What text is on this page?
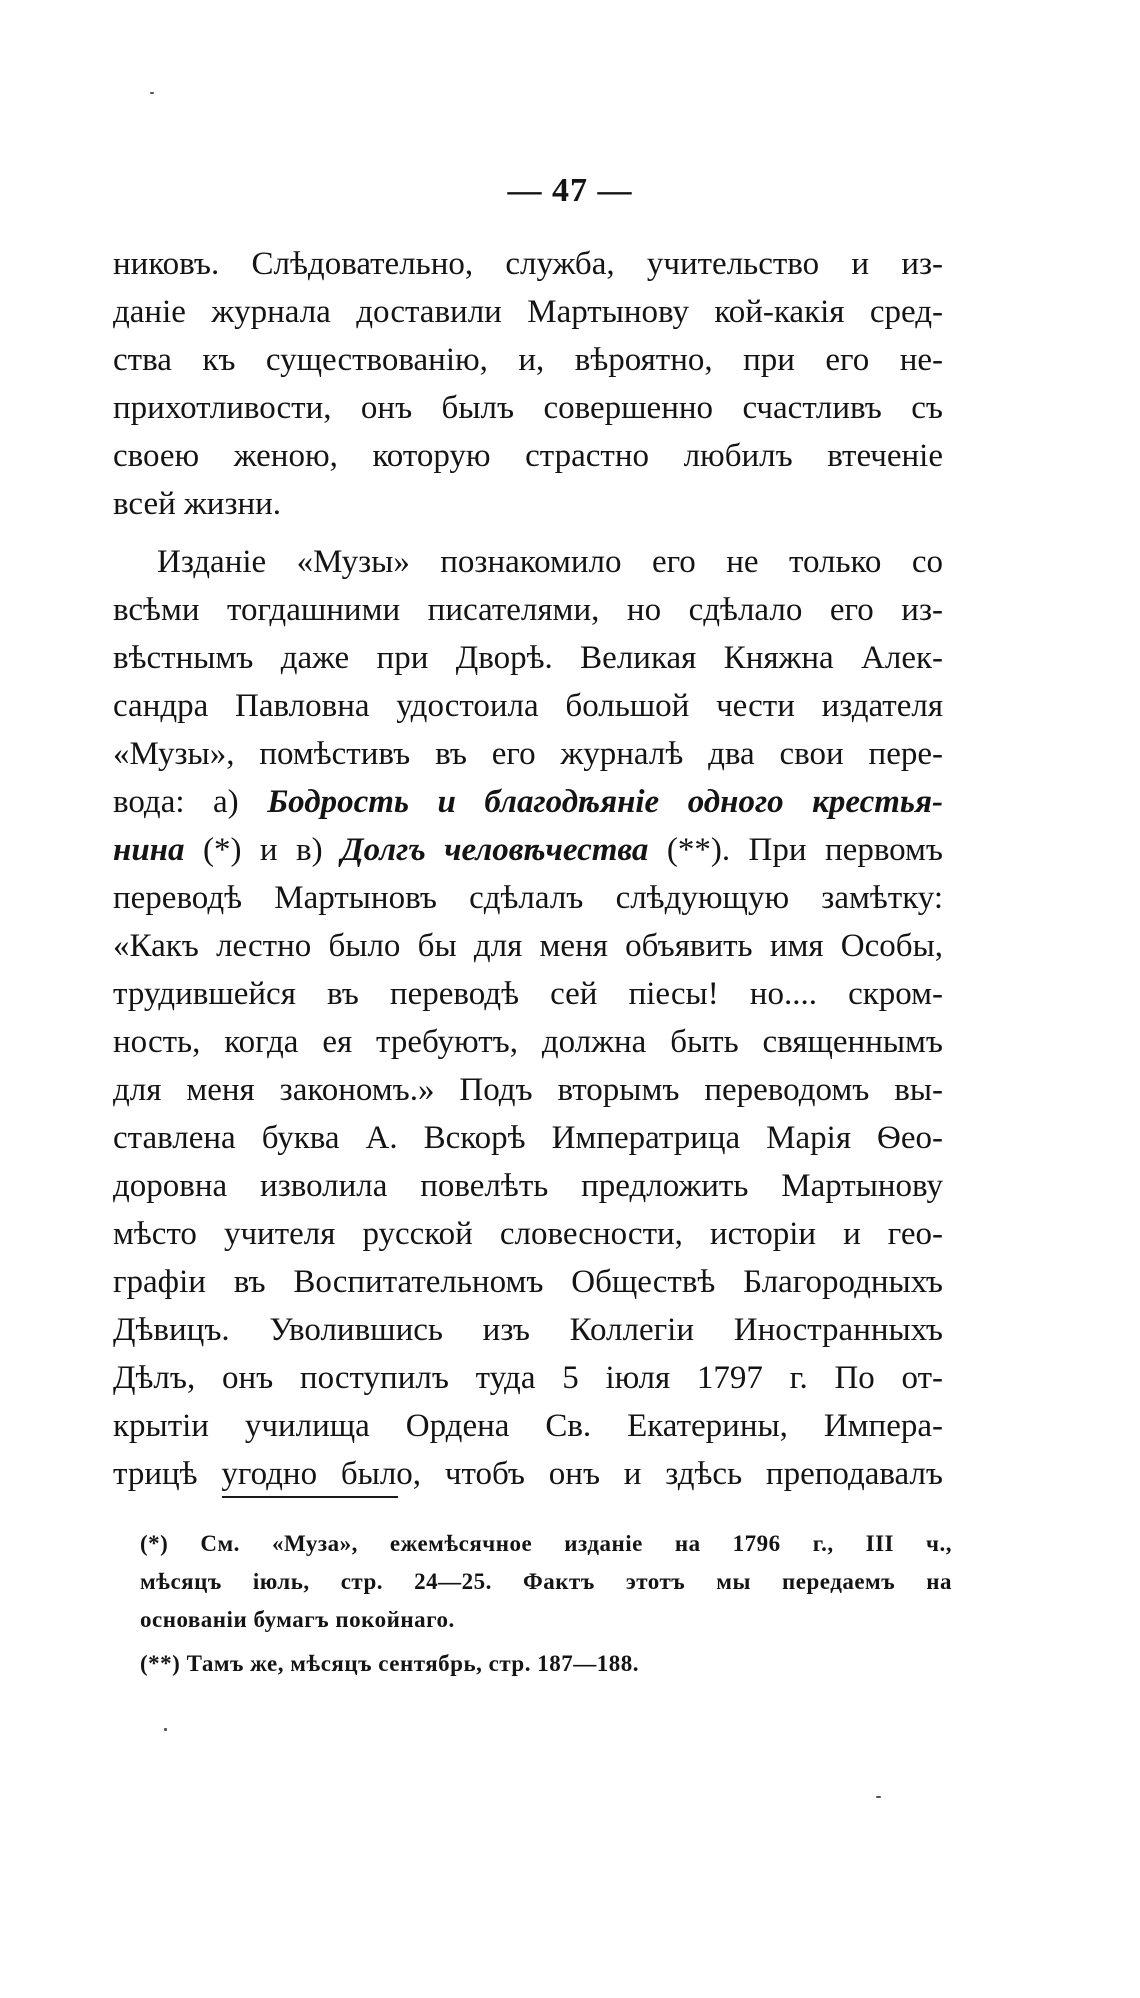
— 47 —
никовъ. Слѣдовательно, служба, учительство и из-
даніе журнала доставили Мартынову кой-какія сред-
ства къ существованію, и, вѣроятно, при его не-
прихотливости, онъ былъ совершенно счастливъ съ
своею женою, которую страстно любилъ втеченіе
всей жизни.
Изданіе «Музы» познакомило его не только со
всѣми тогдашними писателями, но сдѣлало его из-
вѣстнымъ даже при Дворѣ. Великая Княжна Алек-
сандра Павловна удостоила большой чести издателя
«Музы», помѣстивъ въ его журналѣ два свои пере-
вода: а) Бодрость и благодѣяніе одного крестья-
нина (*) и в) Долгъ человѣчества (**). При первомъ
переводѣ Мартыновъ сдѣлалъ слѣдующую замѣтку:
«Какъ лестно было бы для меня объявить имя Особы,
трудившейся въ переводѣ сей піесы! но.... скром-
ность, когда ея требуютъ, должна быть священнымъ
для меня закономъ.» Подъ вторымъ переводомъ вы-
ставлена буква А. Вскорѣ Императрица Марія Ѳео-
доровна изволила повелѣть предложить Мартынову
мѣсто учителя русской словесности, исторіи и гео-
графіи въ Воспитательномъ Обществѣ Благородныхъ
Дѣвицъ. Уволившись изъ Коллегіи Иностранныхъ
Дѣлъ, онъ поступилъ туда 5 іюля 1797 г. По от-
крытіи училища Ордена Св. Екатерины, Импера-
трицѣ угодно было, чтобъ онъ и здѣсь преподавалъ
(*) См. «Муза», ежемѣсячное изданіе на 1796 г., III ч.,
мѣсяцъ іюль, стр. 24—25. Фактъ этотъ мы передаемъ на
основаніи бумагъ покойнаго.
(**) Тамъ же, мѣсяцъ сентябрь, стр. 187—188.
